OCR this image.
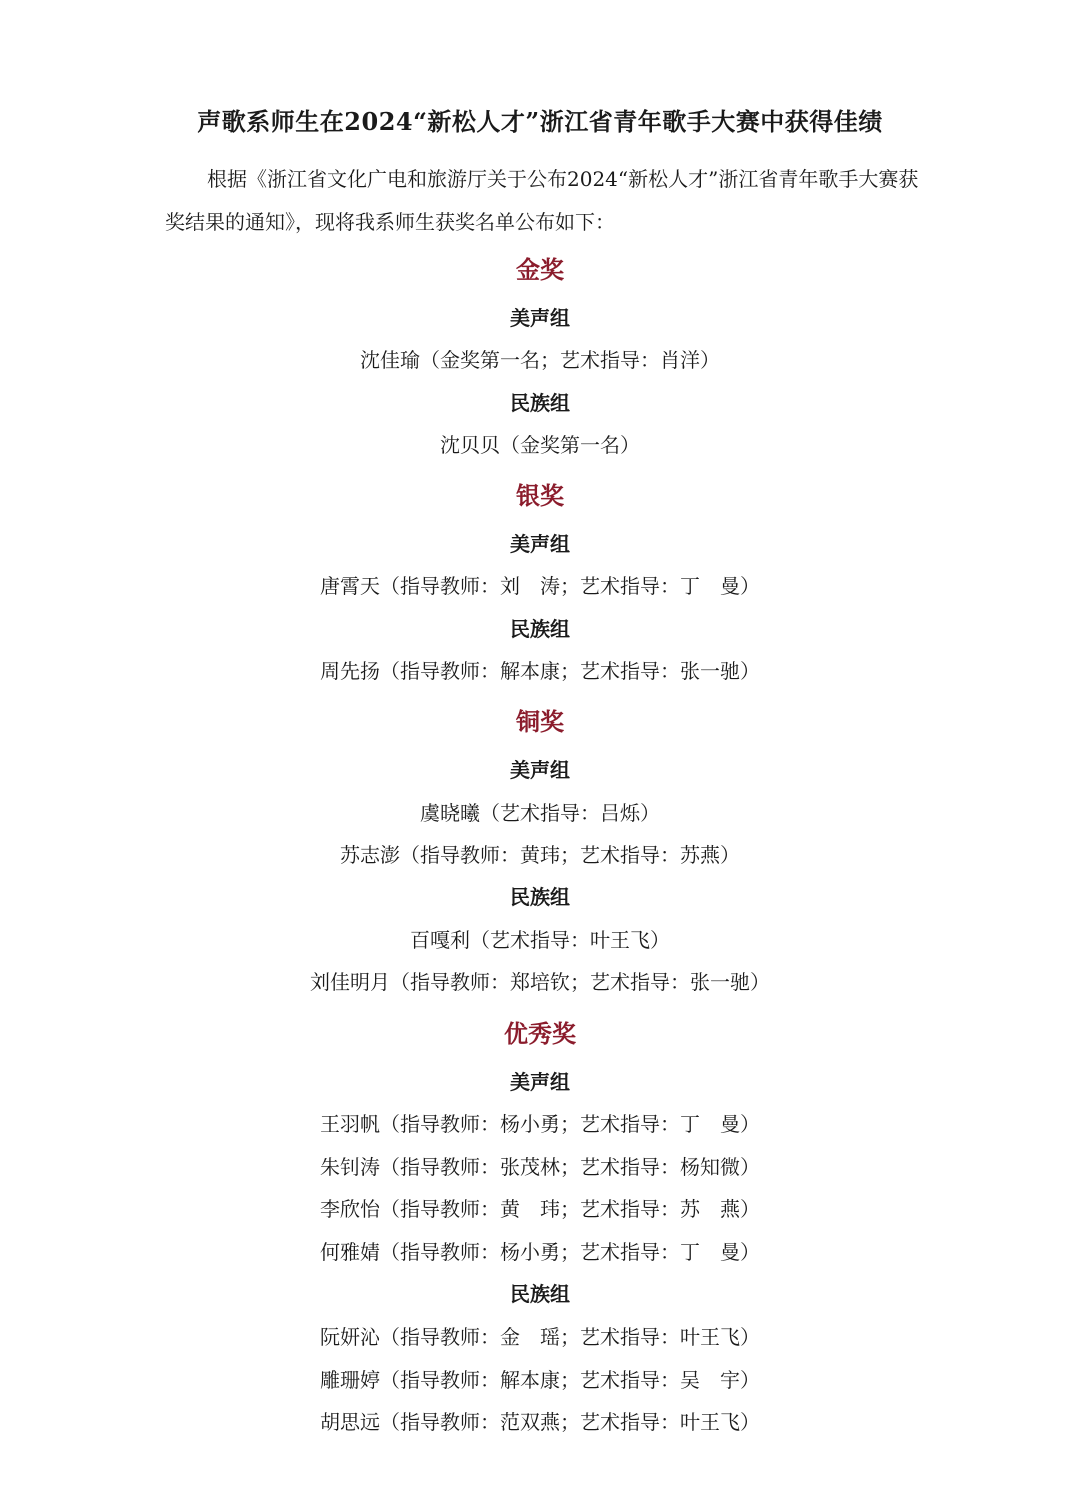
声歌系师生在2024“新松人才”浙江省青年歌手大赛中获得佳绩
根据《浙江省文化广电和旅游厅关于公布2024“新松人才”浙江省青年歌手大赛获奖结果的通知》，现将我系师生获奖名单公布如下：
金奖
美声组
沈佳瑜（金奖第一名；艺术指导：肖洋）
民族组
沈贝贝（金奖第一名）
银奖
美声组
唐霄天（指导教师：刘　涛；艺术指导：丁　曼）
民族组
周先扬（指导教师：解本康；艺术指导：张一驰）
铜奖
美声组
虞晓曦（艺术指导：吕烁）
苏志澎（指导教师：黄玮；艺术指导：苏燕）
民族组
百嘎利（艺术指导：叶王飞）
刘佳明月（指导教师：郑培钦；艺术指导：张一驰）
优秀奖
美声组
王羽帆（指导教师：杨小勇；艺术指导：丁　曼）
朱钊涛（指导教师：张茂林；艺术指导：杨知微）
李欣怡（指导教师：黄　玮；艺术指导：苏　燕）
何雅婧（指导教师：杨小勇；艺术指导：丁　曼）
民族组
阮妍沁（指导教师：金　瑶；艺术指导：叶王飞）
雕珊婷（指导教师：解本康；艺术指导：吴　宇）
胡思远（指导教师：范双燕；艺术指导：叶王飞）
